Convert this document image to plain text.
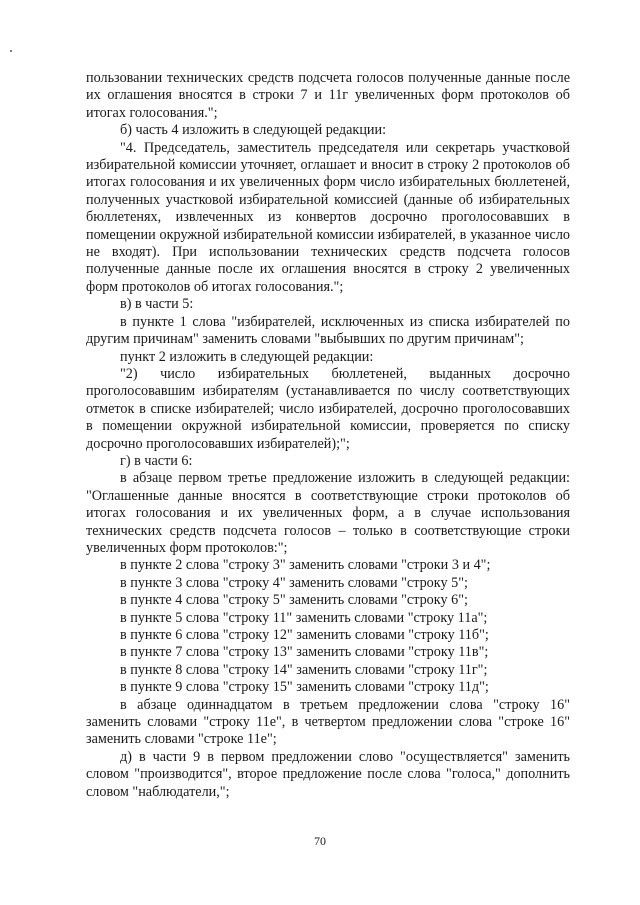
пользовании технических средств подсчета голосов полученные данные после их оглашения вносятся в строки 7 и 11г увеличенных форм протоколов об итогах голосования.";

б) часть 4 изложить в следующей редакции:

"4. Председатель, заместитель председателя или секретарь участковой избирательной комиссии уточняет, оглашает и вносит в строку 2 протоколов об итогах голосования и их увеличенных форм число избирательных бюллетеней, полученных участковой избирательной комиссией (данные об избирательных бюллетенях, извлеченных из конвертов досрочно проголосовавших в помещении окружной избирательной комиссии избирателей, в указанное число не входят). При использовании технических средств подсчета голосов полученные данные после их оглашения вносятся в строку 2 увеличенных форм протоколов об итогах голосования.";

в) в части 5:

в пункте 1 слова "избирателей, исключенных из списка избирателей по другим причинам" заменить словами "выбывших по другим причинам";

пункт 2 изложить в следующей редакции:

"2) число избирательных бюллетеней, выданных досрочно проголосовавшим избирателям (устанавливается по числу соответствующих отметок в списке избирателей; число избирателей, досрочно проголосовавших в помещении окружной избирательной комиссии, проверяется по списку досрочно проголосовавших избирателей);";

г) в части 6:

в абзаце первом третье предложение изложить в следующей редакции: "Оглашенные данные вносятся в соответствующие строки протоколов об итогах голосования и их увеличенных форм, а в случае использования технических средств подсчета голосов – только в соответствующие строки увеличенных форм протоколов:";

в пункте 2 слова "строку 3" заменить словами "строки 3 и 4";

в пункте 3 слова "строку 4" заменить словами "строку 5";

в пункте 4 слова "строку 5" заменить словами "строку 6";

в пункте 5 слова "строку 11" заменить словами "строку 11а";

в пункте 6 слова "строку 12" заменить словами "строку 11б";

в пункте 7 слова "строку 13" заменить словами "строку 11в";

в пункте 8 слова "строку 14" заменить словами "строку 11г";

в пункте 9 слова "строку 15" заменить словами "строку 11д";

в абзаце одиннадцатом в третьем предложении слова "строку 16" заменить словами "строку 11е", в четвертом предложении слова "строке 16" заменить словами "строке 11е";

д) в части 9 в первом предложении слово "осуществляется" заменить словом "производится", второе предложение после слова "голоса," дополнить словом "наблюдатели,";

70
